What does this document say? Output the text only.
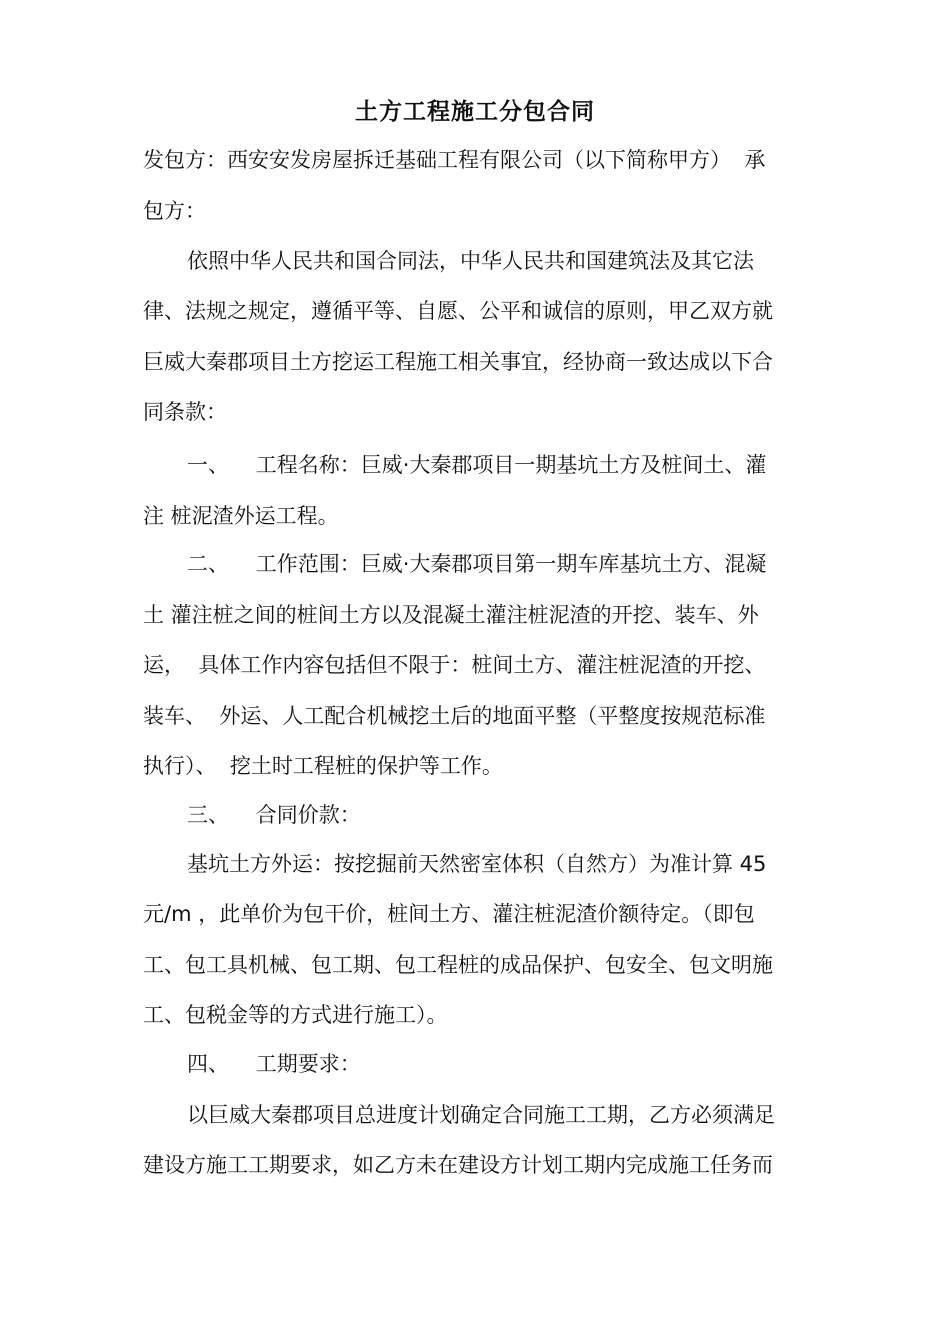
土方工程施工分包合同
发包方：西安安发房屋拆迁基础工程有限公司（以下简称甲方）  承
包方：
依照中华人民共和国合同法，中华人民共和国建筑法及其它法
律、法规之规定，遵循平等、自愿、公平和诚信的原则，甲乙双方就
巨威大秦郡项目土方挖运工程施工相关事宜，经协商一致达成以下合
同条款：
一、    工程名称：巨威·大秦郡项目一期基坑土方及桩间土、灌
注 桩泥渣外运工程。
二、    工作范围：巨威·大秦郡项目第一期车库基坑土方、混凝
土 灌注桩之间的桩间土方以及混凝土灌注桩泥渣的开挖、装车、外
运，  具体工作内容包括但不限于：桩间土方、灌注桩泥渣的开挖、
装车、  外运、人工配合机械挖土后的地面平整（平整度按规范标准
执行）、  挖土时工程桩的保护等工作。
三、    合同价款：
基坑土方外运：按挖掘前天然密室体积（自然方）为准计算 45
元/m ，此单价为包干价，桩间土方、灌注桩泥渣价额待定。（即包
工、包工具机械、包工期、包工程桩的成品保护、包安全、包文明施
工、包税金等的方式进行施工）。
四、    工期要求：
以巨威大秦郡项目总进度计划确定合同施工工期，乙方必须满足
建设方施工工期要求，如乙方未在建设方计划工期内完成施工任务而
